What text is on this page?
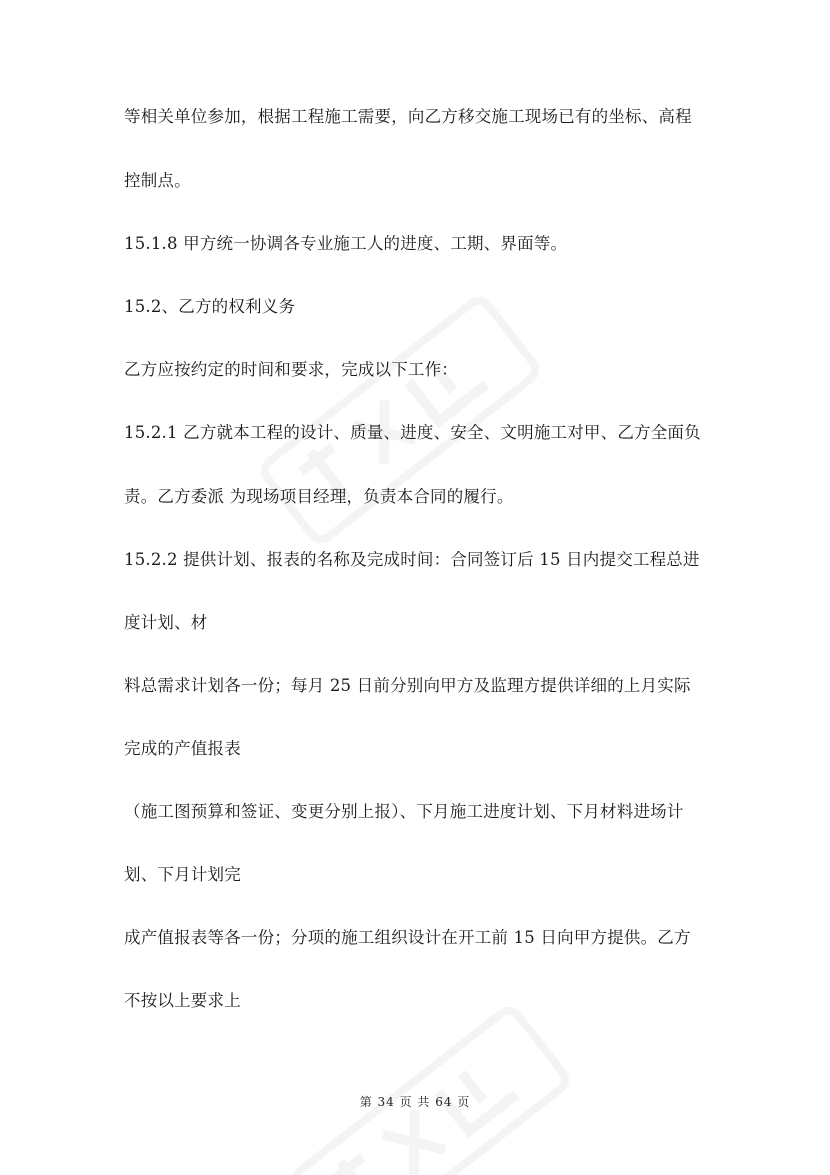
等相关单位参加，根据工程施工需要，向乙方移交施工现场已有的坐标、高程
控制点。
15.1.8 甲方统一协调各专业施工人的进度、工期、界面等。
15.2、乙方的权利义务
乙方应按约定的时间和要求，完成以下工作：
15.2.1 乙方就本工程的设计、质量、进度、安全、文明施工对甲、乙方全面负
责。乙方委派 为现场项目经理，负责本合同的履行。
15.2.2 提供计划、报表的名称及完成时间：合同签订后 15 日内提交工程总进
度计划、材
料总需求计划各一份；每月 25 日前分别向甲方及监理方提供详细的上月实际
完成的产值报表
（施工图预算和签证、变更分别上报）、下月施工进度计划、下月材料进场计
划、下月计划完
成产值报表等各一份；分项的施工组织设计在开工前 15 日向甲方提供。乙方
不按以上要求上
第 34 页 共 64 页
